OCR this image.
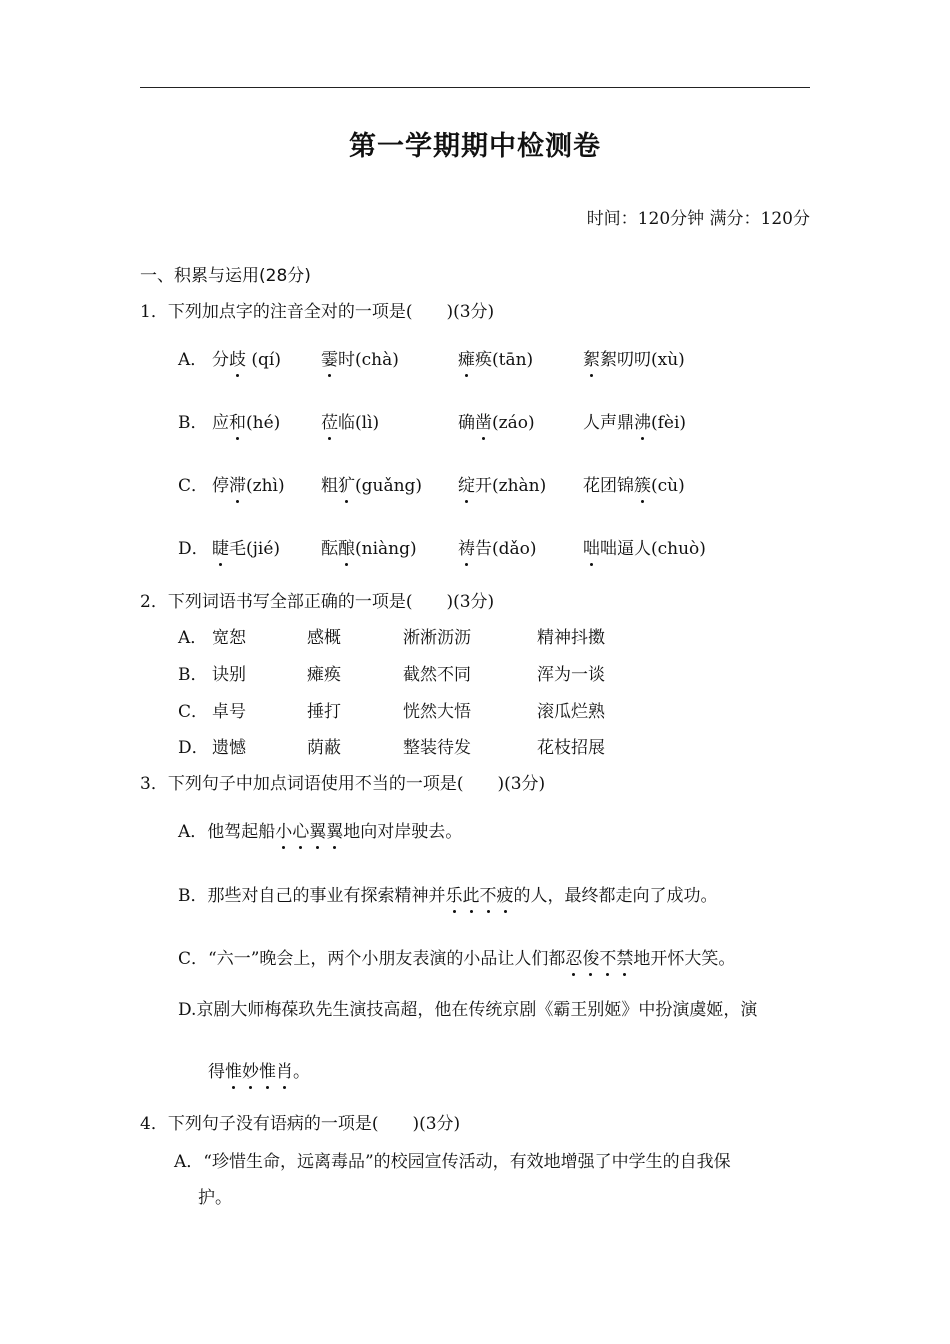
第一学期期中检测卷
时间：120分钟 满分：120分
一、积累与运用(28分)
1．下列加点字的注音全对的一项是(　　)(3分)
A． 分歧 (qí) 霎时(chà)	瘫痪(tān)	絮絮叨叨(xù)
B． 应和(hé) 莅临(lì)	确凿(záo)	人声鼎沸(fèi)
C． 停滞(zhì) 粗犷(guǎng) 绽开(zhàn) 花团锦簇(cù)
D． 睫毛(jié) 酝酿(niàng) 祷告(dǎo)	咄咄逼人(chuò)
2．下列词语书写全部正确的一项是(　　)(3分)
A． 宽恕	感概	淅淅沥沥	精神抖擞
B． 诀别	瘫痪	截然不同	浑为一谈
C． 卓号	捶打	恍然大悟	滚瓜烂熟
D． 遗憾	荫蔽	整装待发	花枝招展
3．下列句子中加点词语使用不当的一项是(　　)(3分)
A．他驾起船小心翼翼地向对岸驶去。
B．那些对自己的事业有探索精神并乐此不疲的人，最终都走向了成功。
C．“六一”晚会上，两个小朋友表演的小品让人们都忍俊不禁地开怀大笑。
D.京剧大师梅葆玖先生演技高超，他在传统京剧《霸王别姬》中扮演虞姬，演
得惟妙惟肖。
4．下列句子没有语病的一项是(　　)(3分)
A．“珍惜生命，远离毒品”的校园宣传活动，有效地增强了中学生的自我保
护。
